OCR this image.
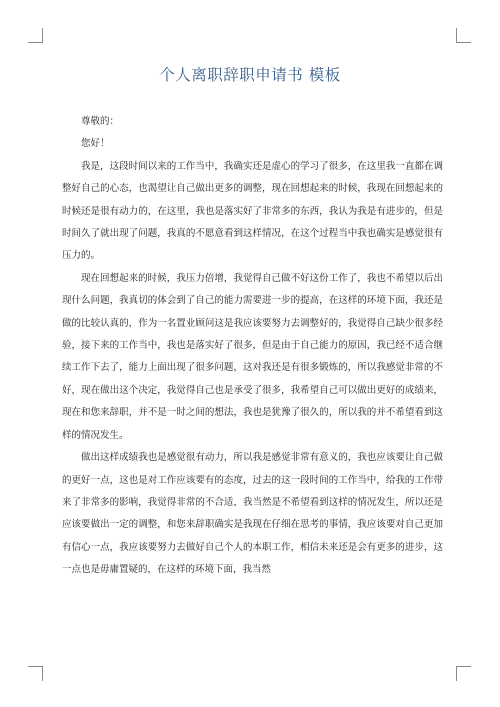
个人离职辞职申请书 模板

尊敬的：

您好！

我是，这段时间以来的工作当中，我确实还是虚心的学习了很多，在这里我一直都在调整好自己的心态，也渴望让自己做出更多的调整，现在回想起来的时候，我现在回想起来的时候还是很有动力的，在这里，我也是落实好了非常多的东西，我认为我是有进步的，但是时间久了就出现了问题，我真的不愿意看到这样情况，在这个过程当中我也确实是感觉很有压力的。

现在回想起来的时候，我压力倍增，我觉得自己做不好这份工作了，我也不希望以后出现什么问题，我真切的体会到了自己的能力需要进一步的提高，在这样的环境下面，我还是做的比较认真的，作为一名置业顾问这是我应该要努力去调整好的，我觉得自己缺少很多经验，接下来的工作当中，我也是落实好了很多，但是由于自己能力的原因，我已经不适合继续工作下去了，能力上面出现了很多问题，这对我还是有很多锻炼的，所以我感觉非常的不好，现在做出这个决定，我觉得自己也是承受了很多，我希望自己可以做出更好的成绩来，现在和您来辞职，并不是一时之间的想法，我也是犹豫了很久的，所以我的并不希望看到这样的情况发生。

做出这样成绩我也是感觉很有动力，所以我是感觉非常有意义的，我也应该要让自己做的更好一点，这也是对工作应该要有的态度，过去的这一段时间的工作当中，给我的工作带来了非常多的影响，我觉得非常的不合适，我当然是不希望看到这样的情况发生，所以还是应该要做出一定的调整，和您来辞职确实是我现在仔细在思考的事情，我应该要对自己更加有信心一点，我应该要努力去做好自己个人的本职工作，相信未来还是会有更多的进步，这一点也是毋庸置疑的，在这样的环境下面，我当然
